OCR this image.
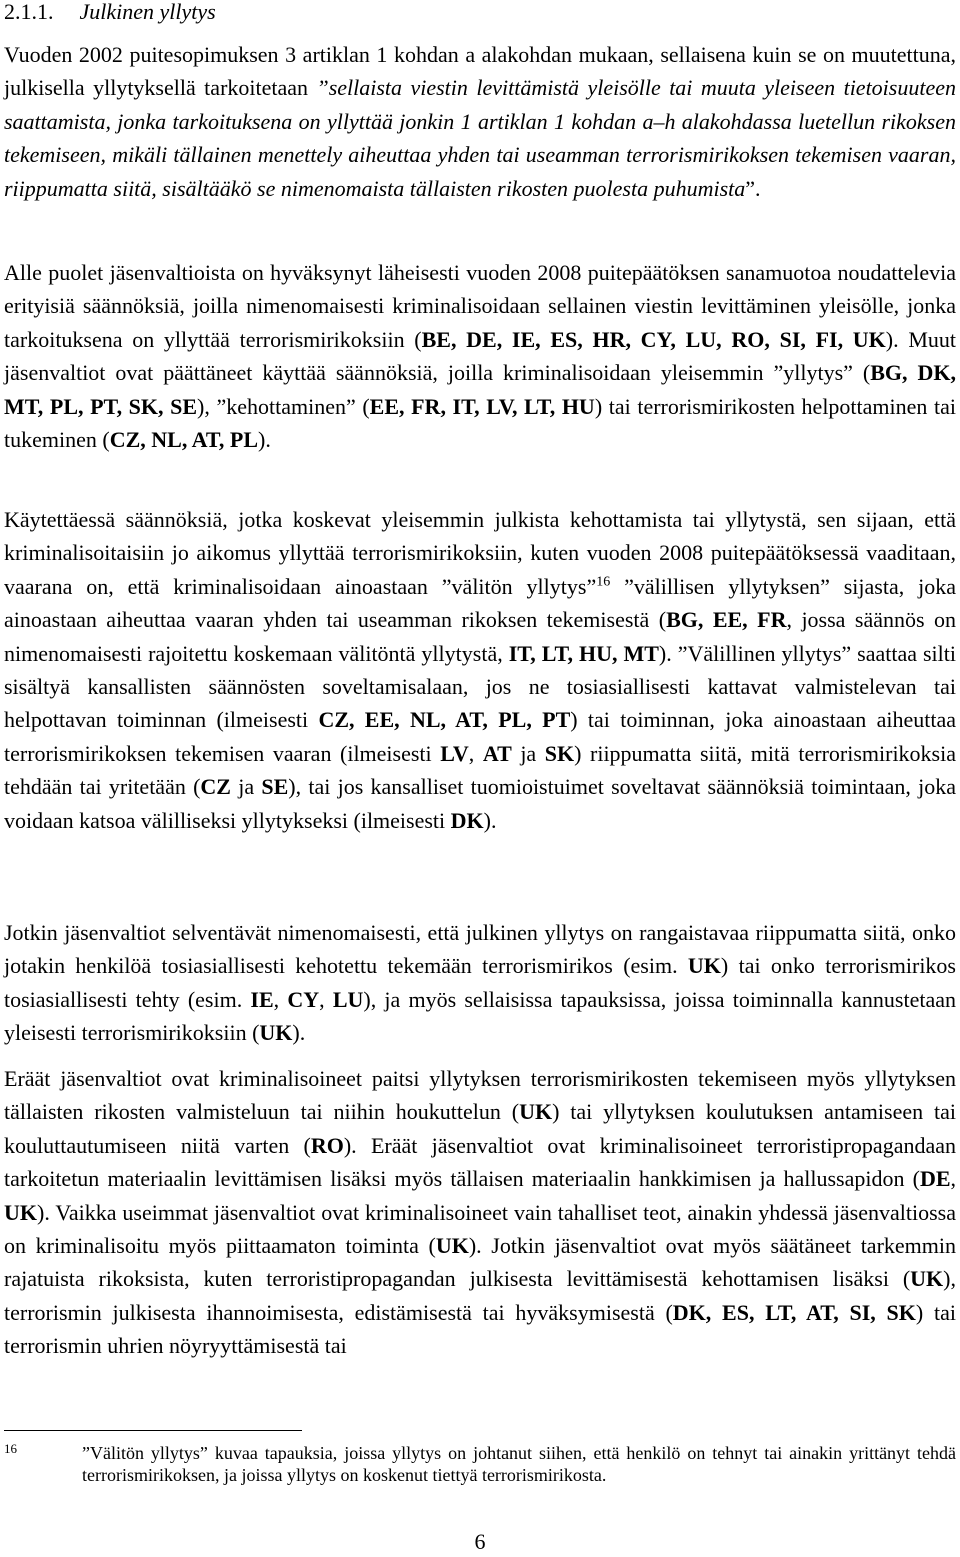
2.1.1. Julkinen yllytys

Vuoden 2002 puitesopimuksen 3 artiklan 1 kohdan a alakohdan mukaan, sellaisena kuin se on muutettuna, julkisella yllytyksellä tarkoitetaan ”sellaista viestin levittämistä yleisölle tai muuta yleiseen tietoisuuteen saattamista, jonka tarkoituksena on yllyttää jonkin 1 artiklan 1 kohdan a–h alakohdassa luetellun rikoksen tekemiseen, mikäli tällainen menettely aiheuttaa yhden tai useamman terrorismirikoksen tekemisen vaaran, riippumatta siitä, sisältääkö se nimenomaista tällaisten rikosten puolesta puhumista”.

Alle puolet jäsenvaltioista on hyväksynyt läheisesti vuoden 2008 puitepäätöksen sanamuotoa noudattelevia erityisiä säännöksiä, joilla nimenomaisesti kriminalisoidaan sellainen viestin levittäminen yleisölle, jonka tarkoituksena on yllyttää terrorismirikoksiin (BE, DE, IE, ES, HR, CY, LU, RO, SI, FI, UK). Muut jäsenvaltiot ovat päättäneet käyttää säännöksiä, joilla kriminalisoidaan yleisemmin ”yllytys” (BG, DK, MT, PL, PT, SK, SE), ”kehottaminen” (EE, FR, IT, LV, LT, HU) tai terrorismirikosten helpottaminen tai tukeminen (CZ, NL, AT, PL).

Käytettäessä säännöksiä, jotka koskevat yleisemmin julkista kehottamista tai yllytystä, sen sijaan, että kriminalisoitaisiin jo aikomus yllyttää terrorismirikoksiin, kuten vuoden 2008 puitepäätöksessä vaaditaan, vaarana on, että kriminalisoidaan ainoastaan ”välitön yllytys”$^{16}$ ”välillisen yllytyksen” sijasta, joka ainoastaan aiheuttaa vaaran yhden tai useamman rikoksen tekemisestä (BG, EE, FR, jossa säännös on nimenomaisesti rajoitettu koskemaan välitöntä yllytystä, IT, LT, HU, MT). ”Välillinen yllytys” saattaa silti sisältyä kansallisten säännösten soveltamisalaan, jos ne tosiasiallisesti kattavat valmistelevan tai helpottavan toiminnan (ilmeisesti CZ, EE, NL, AT, PL, PT) tai toiminnan, joka ainoastaan aiheuttaa terrorismirikoksen tekemisen vaaran (ilmeisesti LV, AT ja SK) riippumatta siitä, mitä terrorismirikoksia tehdään tai yritetään (CZ ja SE), tai jos kansalliset tuomioistuimet soveltavat säännöksiä toimintaan, joka voidaan katsoa välilliseksi yllytykseksi (ilmeisesti DK).

Jotkin jäsenvaltiot selventävät nimenomaisesti, että julkinen yllytys on rangaistavaa riippumatta siitä, onko jotakin henkilöä tosiasiallisesti kehotettu tekemään terrorismirikos (esim. UK) tai onko terrorismirikos tosiasiallisesti tehty (esim. IE, CY, LU), ja myös sellaisissa tapauksissa, joissa toiminnalla kannustetaan yleisesti terrorismirikoksiin (UK).

Eräät jäsenvaltiot ovat kriminalisoineet paitsi yllytyksen terrorismirikosten tekemiseen myös yllytyksen tällaisten rikosten valmisteluun tai niihin houkuttelun (UK) tai yllytyksen koulutuksen antamiseen tai kouluttautumiseen niitä varten (RO). Eräät jäsenvaltiot ovat kriminalisoineet terroristipropagandaan tarkoitetun materiaalin levittämisen lisäksi myös tällaisen materiaalin hankkimisen ja hallussapidon (DE, UK). Vaikka useimmat jäsenvaltiot ovat kriminalisoineet vain tahalliset teot, ainakin yhdessä jäsenvaltiossa on kriminalisoitu myös piittaamaton toiminta (UK). Jotkin jäsenvaltiot ovat myös säätäneet tarkemmin rajatuista rikoksista, kuten terroristipropagandan julkisesta levittämisestä kehottamisen lisäksi (UK), terrorismin julkisesta ihannoimisesta, edistämisestä tai hyväksymisestä (DK, ES, LT, AT, SI, SK) tai terrorismin uhrien nöyryyttämisestä tai

16	”Välitön yllytys” kuvaa tapauksia, joissa yllytys on johtanut siihen, että henkilö on tehnyt tai ainakin yrittänyt tehdä terrorismirikoksen, ja joissa yllytys on koskenut tiettyä terrorismirikosta.
6
